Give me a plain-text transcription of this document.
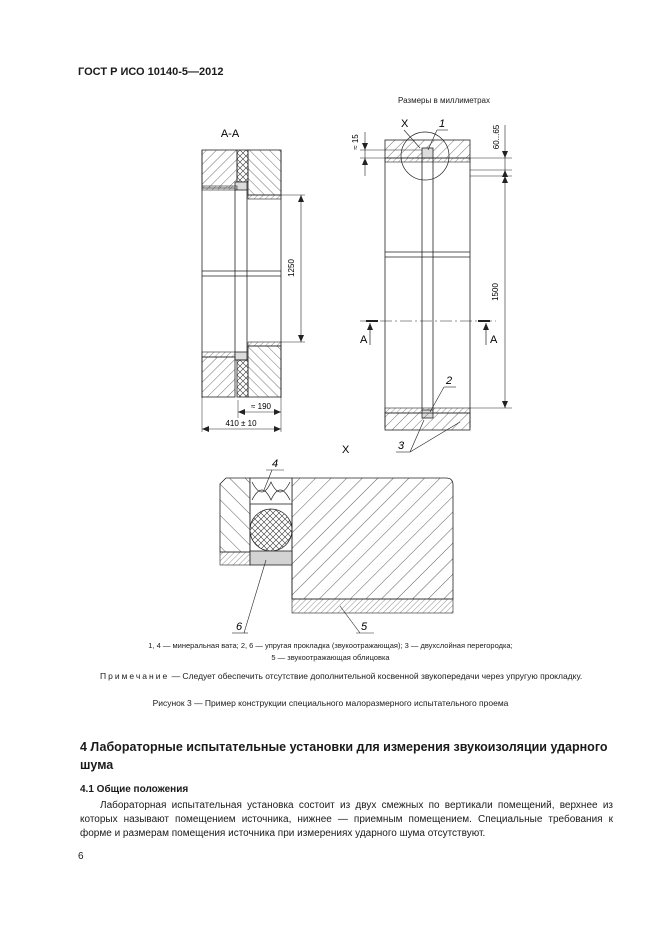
ГОСТ Р ИСО 10140-5—2012
Размеры в миллиметрах
А-А
1250
≈ 190
410 ± 10
А	А
X	1
2
3
≈ 15	60...65
1500
X
4
6	5
1, 4 — минеральная вата; 2, 6 — упругая прокладка (звукоотражающая); 3 — двухслойная перегородка;
5 — звукоотражающая облицовка
Примечание — Следует обеспечить отсутствие дополнительной косвенной звукопередачи через упругую прокладку.
Рисунок 3 — Пример конструкции специального малоразмерного испытательного проема
4 Лабораторные испытательные установки для измерения звукоизоляции ударного шума
4.1 Общие положения
Лабораторная испытательная установка состоит из двух смежных по вертикали помещений, верхнее из которых называют помещением источника, нижнее — приемным помещением. Специальные требования к форме и размерам помещения источника при измерениях ударного шума отсутствуют.
6
